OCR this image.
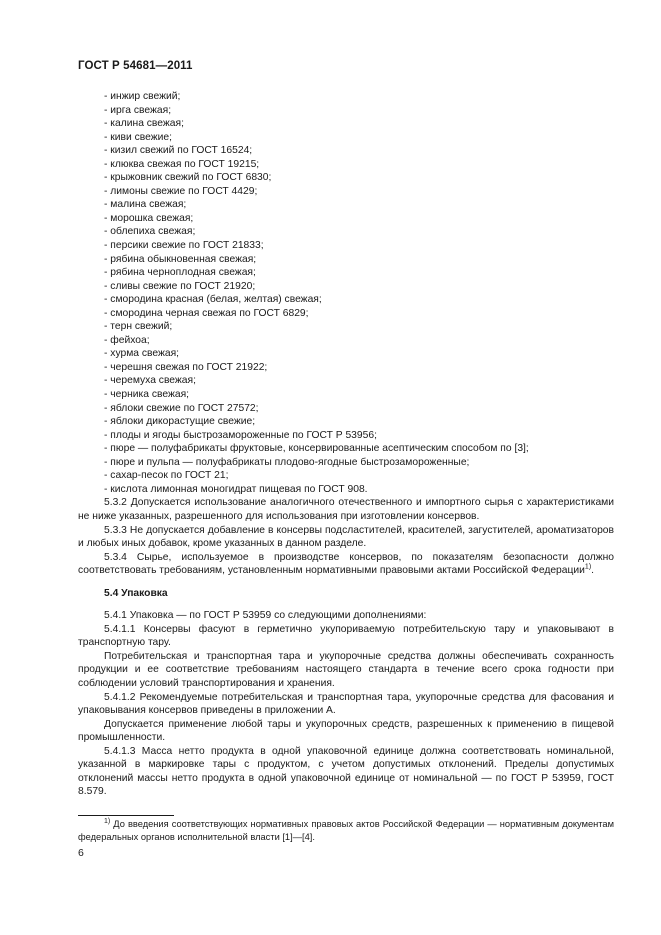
ГОСТ Р 54681—2011
- инжир свежий;
- ирга свежая;
- калина свежая;
- киви свежие;
- кизил свежий по ГОСТ 16524;
- клюква свежая по ГОСТ 19215;
- крыжовник свежий по ГОСТ 6830;
- лимоны свежие по ГОСТ 4429;
- малина свежая;
- морошка свежая;
- облепиха свежая;
- персики свежие по ГОСТ 21833;
- рябина обыкновенная свежая;
- рябина черноплодная свежая;
- сливы свежие по ГОСТ 21920;
- смородина красная (белая, желтая) свежая;
- смородина черная свежая по ГОСТ 6829;
- терн свежий;
- фейхоа;
- хурма свежая;
- черешня свежая по ГОСТ 21922;
- черемуха свежая;
- черника свежая;
- яблоки свежие по ГОСТ 27572;
- яблоки дикорастущие свежие;
- плоды и ягоды быстрозамороженные по ГОСТ Р 53956;
- пюре — полуфабрикаты фруктовые, консервированные асептическим способом по [3];
- пюре и пульпа — полуфабрикаты плодово-ягодные быстрозамороженные;
- сахар-песок по ГОСТ 21;
- кислота лимонная моногидрат пищевая по ГОСТ 908.

5.3.2 Допускается использование аналогичного отечественного и импортного сырья с характеристиками не ниже указанных, разрешенного для использования при изготовлении консервов.

5.3.3 Не допускается добавление в консервы подсластителей, красителей, загустителей, ароматизаторов и любых иных добавок, кроме указанных в данном разделе.

5.3.4 Сырье, используемое в производстве консервов, по показателям безопасности должно соответствовать требованиям, установленным нормативными правовыми актами Российской Федерации$^{1)}$.

5.4 Упаковка

5.4.1 Упаковка — по ГОСТ Р 53959 со следующими дополнениями:

5.4.1.1 Консервы фасуют в герметично укупориваемую потребительскую тару и упаковывают в транспортную тару.

Потребительская и транспортная тара и укупорочные средства должны обеспечивать сохранность продукции и ее соответствие требованиям настоящего стандарта в течение всего срока годности при соблюдении условий транспортирования и хранения.

5.4.1.2 Рекомендуемые потребительская и транспортная тара, укупорочные средства для фасования и упаковывания консервов приведены в приложении А.

Допускается применение любой тары и укупорочных средств, разрешенных к применению в пищевой промышленности.

5.4.1.3 Масса нетто продукта в одной упаковочной единице должна соответствовать номинальной, указанной в маркировке тары с продуктом, с учетом допустимых отклонений. Пределы допустимых отклонений массы нетто продукта в одной упаковочной единице от номинальной — по ГОСТ Р 53959, ГОСТ 8.579.

$^{1)}$ До введения соответствующих нормативных правовых актов Российской Федерации — нормативным документам федеральных органов исполнительной власти [1]—[4].

6
